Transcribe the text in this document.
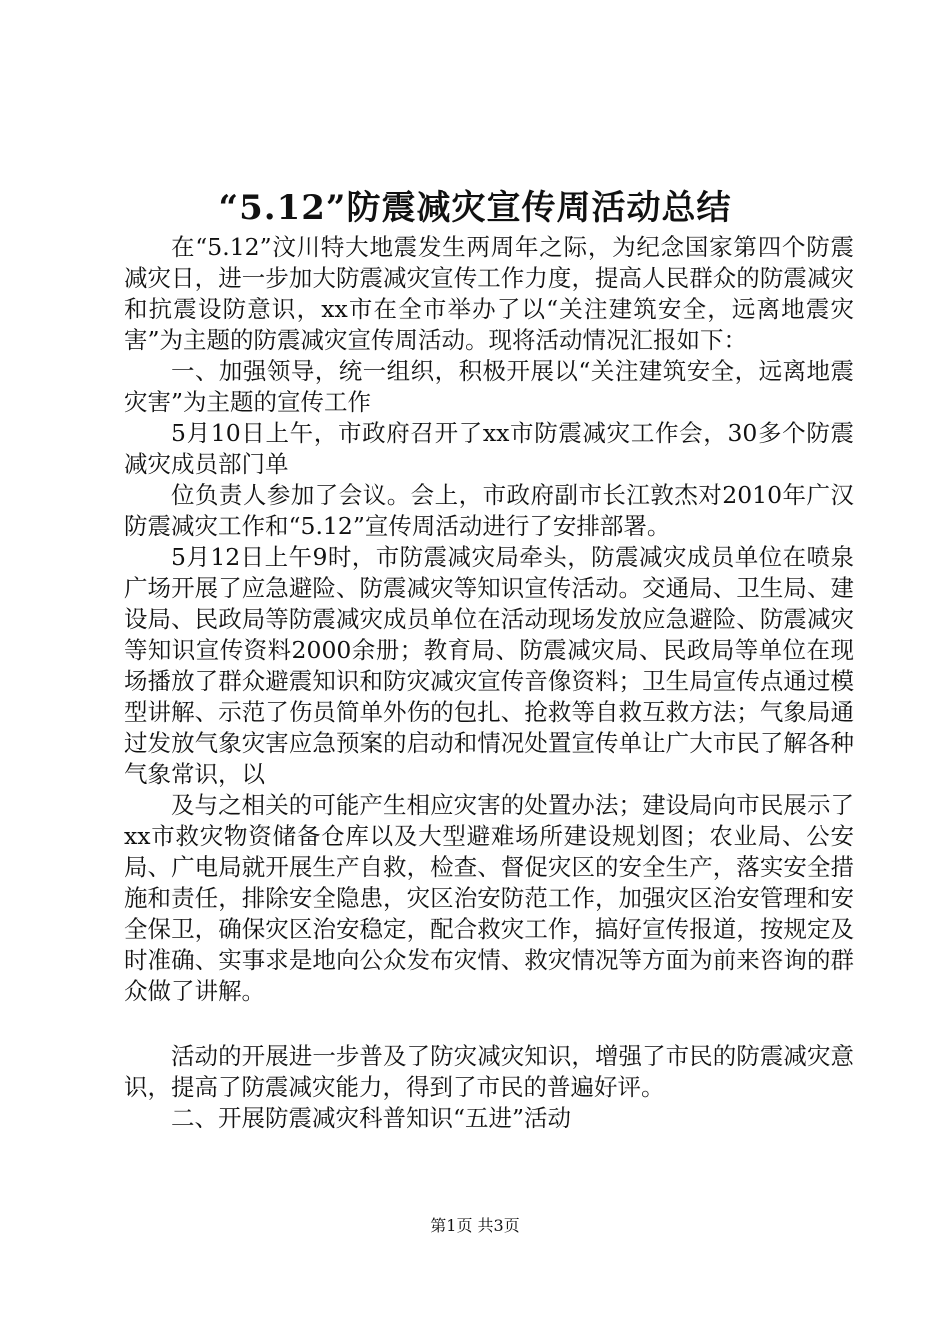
“5.12”防震减灾宣传周活动总结

在“5.12”汶川特大地震发生两周年之际，为纪念国家第四个防震减灾日，进一步加大防震减灾宣传工作力度，提高人民群众的防震减灾和抗震设防意识，xx市在全市举办了以“关注建筑安全，远离地震灾害”为主题的防震减灾宣传周活动。现将活动情况汇报如下：

一、加强领导，统一组织，积极开展以“关注建筑安全，远离地震灾害”为主题的宣传工作

5月10日上午，市政府召开了xx市防震减灾工作会，30多个防震减灾成员部门单

位负责人参加了会议。会上，市政府副市长江敦杰对2010年广汉防震减灾工作和“5.12”宣传周活动进行了安排部署。

5月12日上午9时，市防震减灾局牵头，防震减灾成员单位在喷泉广场开展了应急避险、防震减灾等知识宣传活动。交通局、卫生局、建设局、民政局等防震减灾成员单位在活动现场发放应急避险、防震减灾等知识宣传资料2000余册；教育局、防震减灾局、民政局等单位在现场播放了群众避震知识和防灾减灾宣传音像资料；卫生局宣传点通过模型讲解、示范了伤员简单外伤的包扎、抢救等自救互救方法；气象局通过发放气象灾害应急预案的启动和情况处置宣传单让广大市民了解各种气象常识，以

及与之相关的可能产生相应灾害的处置办法；建设局向市民展示了xx市救灾物资储备仓库以及大型避难场所建设规划图；农业局、公安局、广电局就开展生产自救，检查、督促灾区的安全生产，落实安全措施和责任，排除安全隐患，灾区治安防范工作，加强灾区治安管理和安全保卫，确保灾区治安稳定，配合救灾工作，搞好宣传报道，按规定及时准确、实事求是地向公众发布灾情、救灾情况等方面为前来咨询的群众做了讲解。

活动的开展进一步普及了防灾减灾知识，增强了市民的防震减灾意识，提高了防震减灾能力，得到了市民的普遍好评。

二、开展防震减灾科普知识“五进”活动

第1页 共3页
